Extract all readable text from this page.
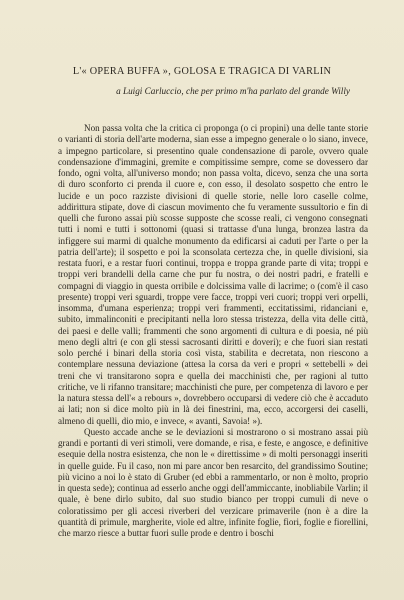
L'« OPERA BUFFA », GOLOSA E TRAGICA DI VARLIN

a Luigi Carluccio, che per primo m'ha parlato del grande Willy

Non passa volta che la critica ci proponga (o ci propini) una delle tante storie o varianti di storia dell'arte moderna, sian esse a impegno generale o lo siano, invece, a impegno particolare, si presentino quale condensazione di parole, ovvero quale condensazione d'immagini, gremite e compitissime sempre, come se dovessero dar fondo, ogni volta, all'universo mondo; non passa volta, dicevo, senza che una sorta di duro sconforto ci prenda il cuore e, con esso, il desolato sospetto che entro le lucide e un poco razziste divisioni di quelle storie, nelle loro caselle colme, addirittura stipate, dove di ciascun movimento che fu veramente sussultorio e fin di quelli che furono assai più scosse supposte che scosse reali, ci vengono consegnati tutti i nomi e tutti i sottonomi (quasi si trattasse d'una lunga, bronzea lastra da infiggere sui marmi di qualche monumento da edificarsi ai caduti per l'arte o per la patria dell'arte); il sospetto e poi la sconsolata certezza che, in quelle divisioni, sia restata fuori, e a restar fuori continui, troppa e troppa grande parte di vita; troppi e troppi veri brandelli della carne che pur fu nostra, o dei nostri padri, e fratelli e compagni di viaggio in questa orribile e dolcissima valle di lacrime; o (com'è il caso presente) troppi veri sguardi, troppe vere facce, troppi veri cuori; troppi veri orpelli, insomma, d'umana esperienza; troppi veri frammenti, eccitatissimi, ridanciani e, subito, immalinconiti e precipitanti nella loro stessa tristezza, della vita delle città, dei paesi e delle valli; frammenti che sono argomenti di cultura e di poesia, né più meno degli altri (e con gli stessi sacrosanti diritti e doveri); e che fuori sian restati solo perché i binari della storia così vista, stabilita e decretata, non riescono a contemplare nessuna deviazione (attesa la corsa da veri e propri « settebelli » dei treni che vi transitarono sopra e quella dei macchinisti che, per ragioni al tutto critiche, ve li rifanno transitare; macchinisti che pure, per competenza di lavoro e per la natura stessa dell'« a rebours », dovrebbero occuparsi di vedere ciò che è accaduto ai lati; non si dice molto più in là dei finestrini, ma, ecco, accorgersi dei caselli, almeno di quelli, dio mio, e invece, « avanti, Savoia! »).

Questo accade anche se le deviazioni si mostrarono o si mostrano assai più grandi e portanti di veri stimoli, vere domande, e risa, e feste, e angosce, e definitive esequie della nostra esistenza, che non le « direttissime » di molti personaggi inseriti in quelle guide. Fu il caso, non mi pare ancor ben resarcito, del grandissimo Soutine; più vicino a noi lo è stato di Gruber (ed ebbi a rammentarlo, or non è molto, proprio in questa sede); continua ad esserlo anche oggi dell'ammiccante, inobliabile Varlin; il quale, è bene dirlo subito, dal suo studio bianco per troppi cumuli di neve o coloratissimo per gli accesi riverberi del verzicare primaverile (non è a dire la quantità di primule, margherite, viole ed altre, infinite foglie, fiori, foglie e fiorellini, che marzo riesce a buttar fuori sulle prode e dentro i boschi
